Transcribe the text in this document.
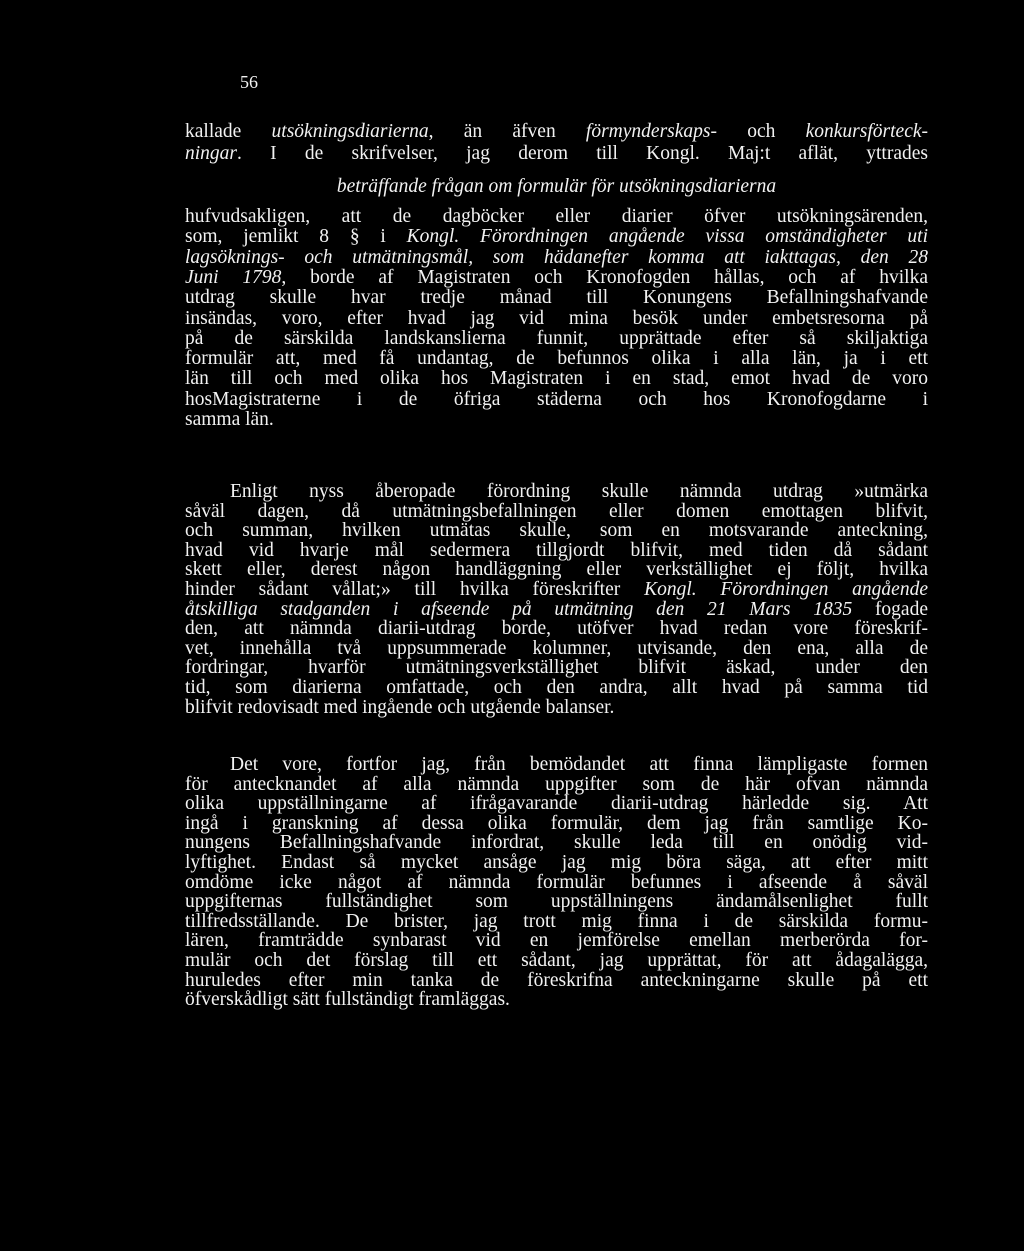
56
kallade utsökningsdiarierna, än äfven förmynderskaps- och konkursförteck-
ningar. I de skrifvelser, jag derom till Kongl. Maj:t aflät, yttrades
beträffande frågan om formulär för utsökningsdiarierna
hufvudsakligen, att de dagböcker eller diarier öfver utsökningsärenden,
som, jemlikt 8 § i Kongl. Förordningen angående vissa omständigheter uti
lagsöknings- och utmätningsmål, som hädanefter komma att iakttagas, den 28
Juni 1798, borde af Magistraten och Kronofogden hållas, och af hvilka
utdrag skulle hvar tredje månad till Konungens Befallningshafvande
insändas, voro, efter hvad jag vid mina besök under embetsresorna på
på de särskilda landskanslierna funnit, upprättade efter så skiljaktiga
formulär att, med få undantag, de befunnos olika i alla län, ja i ett
län till och med olika hos Magistraten i en stad, emot hvad de voro
hosMagistraterne i de öfriga städerna och hos Kronofogdarne i
samma län.
Enligt nyss åberopade förordning skulle nämnda utdrag »utmärka
såväl dagen, då utmätningsbefallningen eller domen emottagen blifvit,
och summan, hvilken utmätas skulle, som en motsvarande anteckning,
hvad vid hvarje mål sedermera tillgjordt blifvit, med tiden då sådant
skett eller, derest någon handläggning eller verkställighet ej följt, hvilka
hinder sådant vållat;» till hvilka föreskrifter Kongl. Förordningen angående
åtskilliga stadganden i afseende på utmätning den 21 Mars 1835 fogade
den, att nämnda diarii-utdrag borde, utöfver hvad redan vore föreskrif-
vet, innehålla två uppsummerade kolumner, utvisande, den ena, alla de
fordringar, hvarför utmätningsverkställighet blifvit äskad, under den
tid, som diarierna omfattade, och den andra, allt hvad på samma tid
blifvit redovisadt med ingående och utgående balanser.
Det vore, fortfor jag, från bemödandet att finna lämpligaste formen
för antecknandet af alla nämnda uppgifter som de här ofvan nämnda
olika uppställningarne af ifrågavarande diarii-utdrag härledde sig. Att
ingå i granskning af dessa olika formulär, dem jag från samtlige Ko-
nungens Befallningshafvande infordrat, skulle leda till en onödig vid-
lyftighet. Endast så mycket ansåge jag mig böra säga, att efter mitt
omdöme icke något af nämnda formulär befunnes i afseende å såväl
uppgifternas fullständighet som uppställningens ändamålsenlighet fullt
tillfredsställande. De brister, jag trott mig finna i de särskilda formu-
lären, framträdde synbarast vid en jemförelse emellan merberörda for-
mulär och det förslag till ett sådant, jag upprättat, för att ådagalägga,
huruledes efter min tanka de föreskrifna anteckningarne skulle på ett
öfverskådligt sätt fullständigt framläggas.
